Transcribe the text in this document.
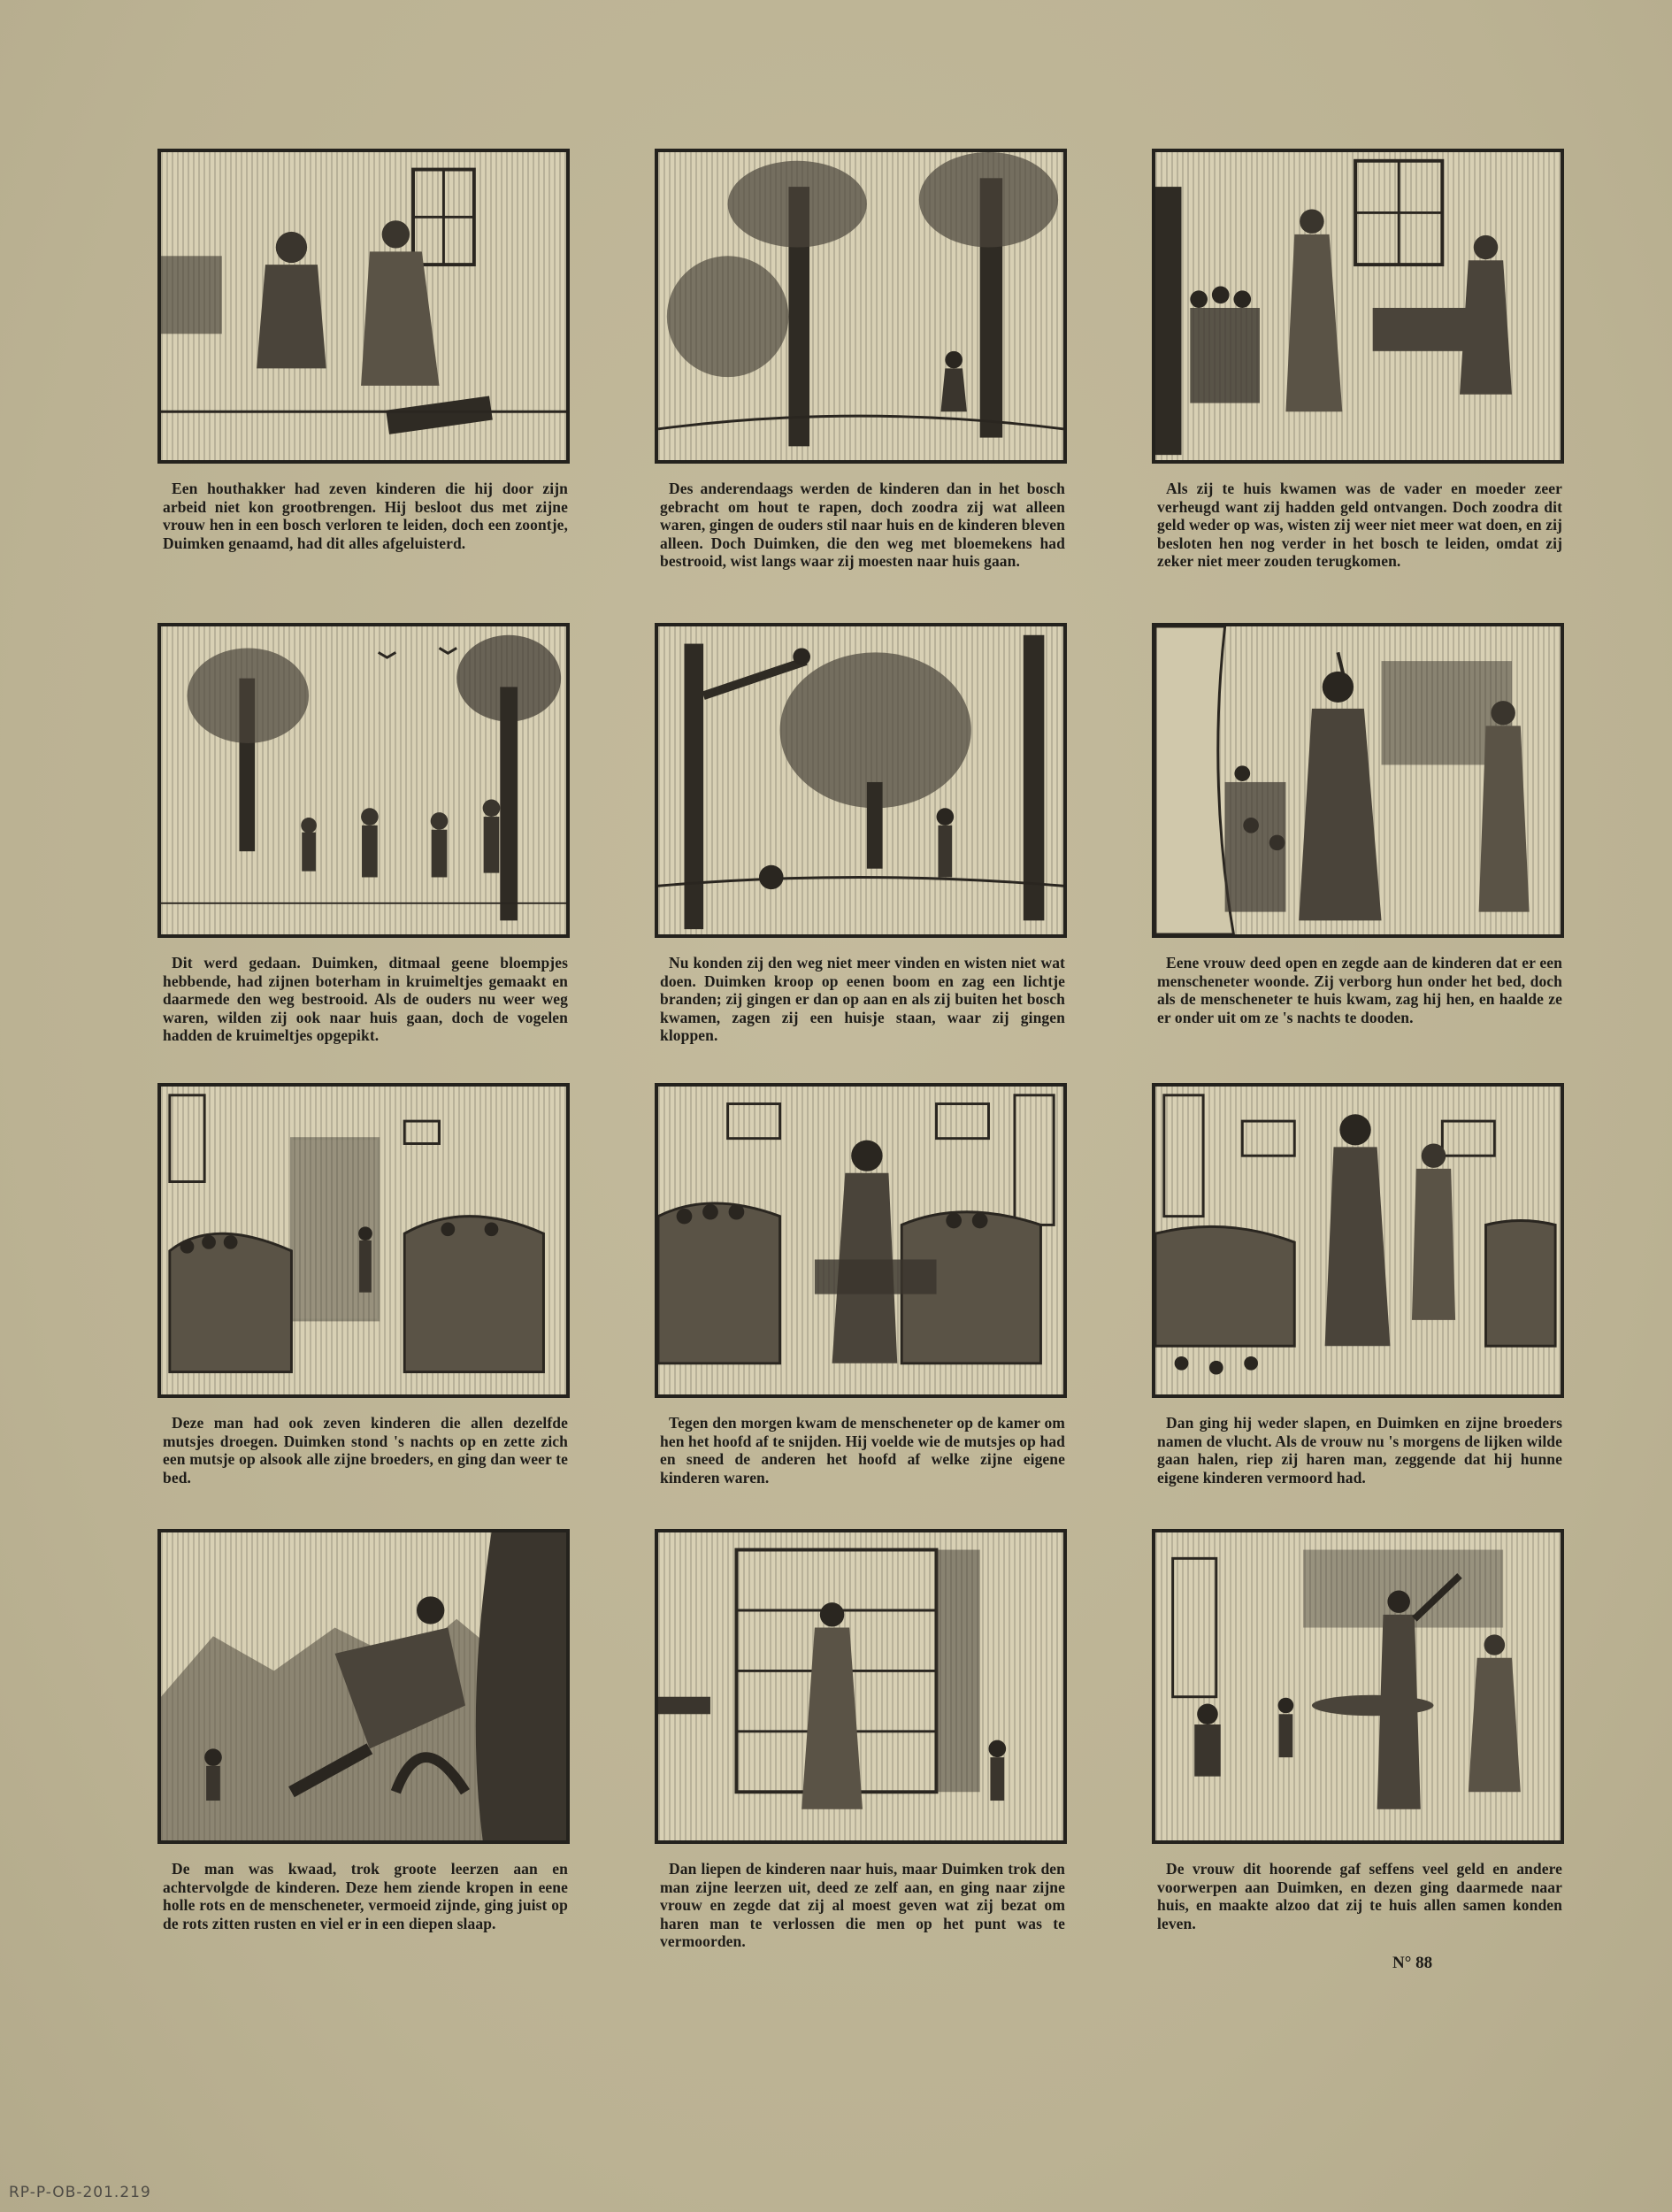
Een houthakker had zeven kinderen die hij door zijn arbeid niet kon grootbrengen. Hij besloot dus met zijne vrouw hen in een bosch verloren te leiden, doch een zoontje, Duimken genaamd, had dit alles afgeluisterd.
Des anderendaags werden de kinderen dan in het bosch gebracht om hout te rapen, doch zoodra zij wat alleen waren, gingen de ouders stil naar huis en de kinderen bleven alleen. Doch Duimken, die den weg met bloemekens had bestrooid, wist langs waar zij moesten naar huis gaan.
Als zij te huis kwamen was de vader en moeder zeer verheugd want zij hadden geld ontvangen. Doch zoodra dit geld weder op was, wisten zij weer niet meer wat doen, en zij besloten hen nog verder in het bosch te leiden, omdat zij zeker niet meer zouden terugkomen.
Dit werd gedaan. Duimken, ditmaal geene bloempjes hebbende, had zijnen boterham in kruimeltjes gemaakt en daarmede den weg bestrooid. Als de ouders nu weer weg waren, wilden zij ook naar huis gaan, doch de vogelen hadden de kruimeltjes opgepikt.
Nu konden zij den weg niet meer vinden en wisten niet wat doen. Duimken kroop op eenen boom en zag een lichtje branden; zij gingen er dan op aan en als zij buiten het bosch kwamen, zagen zij een huisje staan, waar zij gingen kloppen.
Eene vrouw deed open en zegde aan de kinderen dat er een menscheneter woonde. Zij verborg hun onder het bed, doch als de menscheneter te huis kwam, zag hij hen, en haalde ze er onder uit om ze 's nachts te dooden.
Deze man had ook zeven kinderen die allen dezelfde mutsjes droegen. Duimken stond 's nachts op en zette zich een mutsje op alsook alle zijne broeders, en ging dan weer te bed.
Tegen den morgen kwam de menscheneter op de kamer om hen het hoofd af te snijden. Hij voelde wie de mutsjes op had en sneed de anderen het hoofd af welke zijne eigene kinderen waren.
Dan ging hij weder slapen, en Duimken en zijne broeders namen de vlucht. Als de vrouw nu 's morgens de lijken wilde gaan halen, riep zij haren man, zeggende dat hij hunne eigene kinderen vermoord had.
De man was kwaad, trok groote leerzen aan en achtervolgde de kinderen. Deze hem ziende kropen in eene holle rots en de menscheneter, vermoeid zijnde, ging juist op de rots zitten rusten en viel er in een diepen slaap.
Dan liepen de kinderen naar huis, maar Duimken trok den man zijne leerzen uit, deed ze zelf aan, en ging naar zijne vrouw en zegde dat zij al moest geven wat zij bezat om haren man te verlossen die men op het punt was te vermoorden.
De vrouw dit hoorende gaf seffens veel geld en andere voorwerpen aan Duimken, en dezen ging daarmede naar huis, en maakte alzoo dat zij te huis allen samen konden leven.
N° 88
RP-P-OB-201.219
